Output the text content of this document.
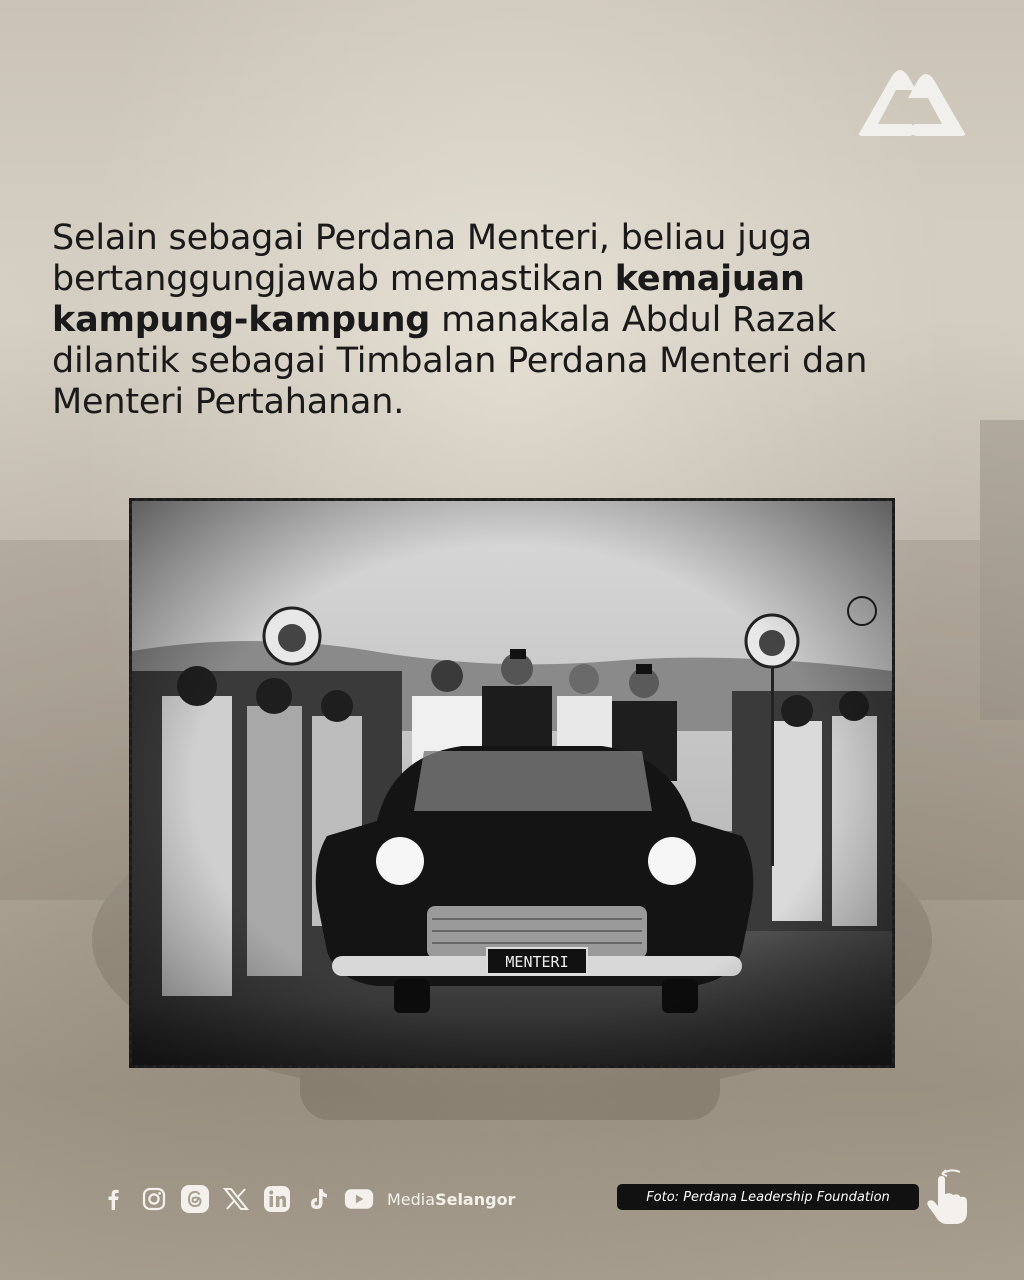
Selain sebagai Perdana Menteri, beliau juga bertanggungjawab memastikan kemajuan kampung-kampung manakala Abdul Razak dilantik sebagai Timbalan Perdana Menteri dan Menteri Pertahanan.
MediaSelangor	Foto: Perdana Leadership Foundation
